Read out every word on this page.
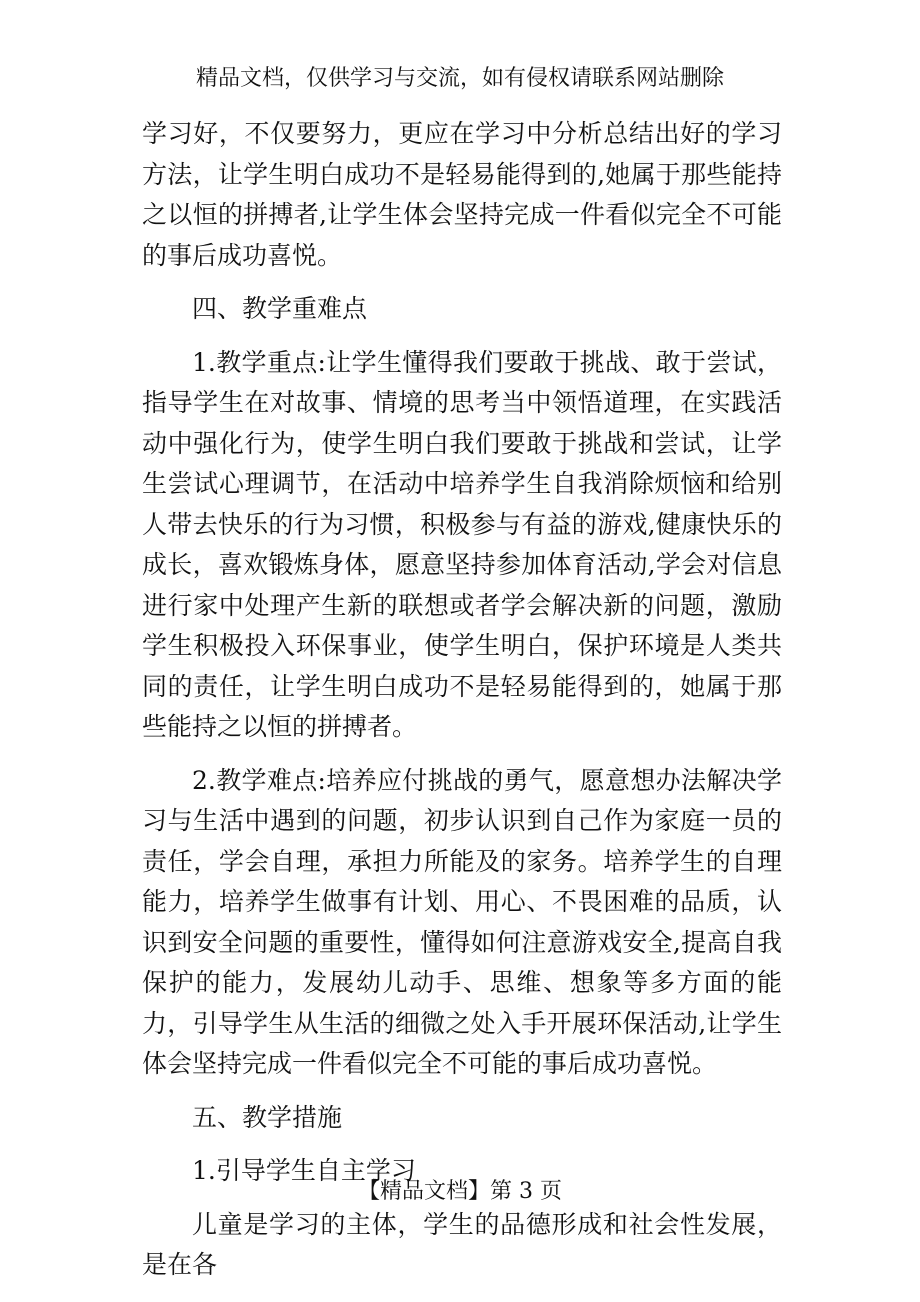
精品文档，仅供学习与交流，如有侵权请联系网站删除

学习好，不仅要努力，更应在学习中分析总结出好的学习方法，让学生明白成功不是轻易能得到的,她属于那些能持之以恒的拼搏者,让学生体会坚持完成一件看似完全不可能的事后成功喜悦。

四、教学重难点

1.教学重点:让学生懂得我们要敢于挑战、敢于尝试，指导学生在对故事、情境的思考当中领悟道理，在实践活动中强化行为，使学生明白我们要敢于挑战和尝试，让学生尝试心理调节，在活动中培养学生自我消除烦恼和给别人带去快乐的行为习惯，积极参与有益的游戏,健康快乐的成长，喜欢锻炼身体，愿意坚持参加体育活动,学会对信息进行家中处理产生新的联想或者学会解决新的问题，激励学生积极投入环保事业，使学生明白，保护环境是人类共同的责任，让学生明白成功不是轻易能得到的，她属于那些能持之以恒的拼搏者。

2.教学难点:培养应付挑战的勇气，愿意想办法解决学习与生活中遇到的问题，初步认识到自己作为家庭一员的责任，学会自理，承担力所能及的家务。培养学生的自理能力，培养学生做事有计划、用心、不畏困难的品质，认识到安全问题的重要性，懂得如何注意游戏安全,提高自我保护的能力，发展幼儿动手、思维、想象等多方面的能力，引导学生从生活的细微之处入手开展环保活动,让学生体会坚持完成一件看似完全不可能的事后成功喜悦。

五、教学措施

1.引导学生自主学习

儿童是学习的主体，学生的品德形成和社会性发展，是在各

【精品文档】第 3 页
